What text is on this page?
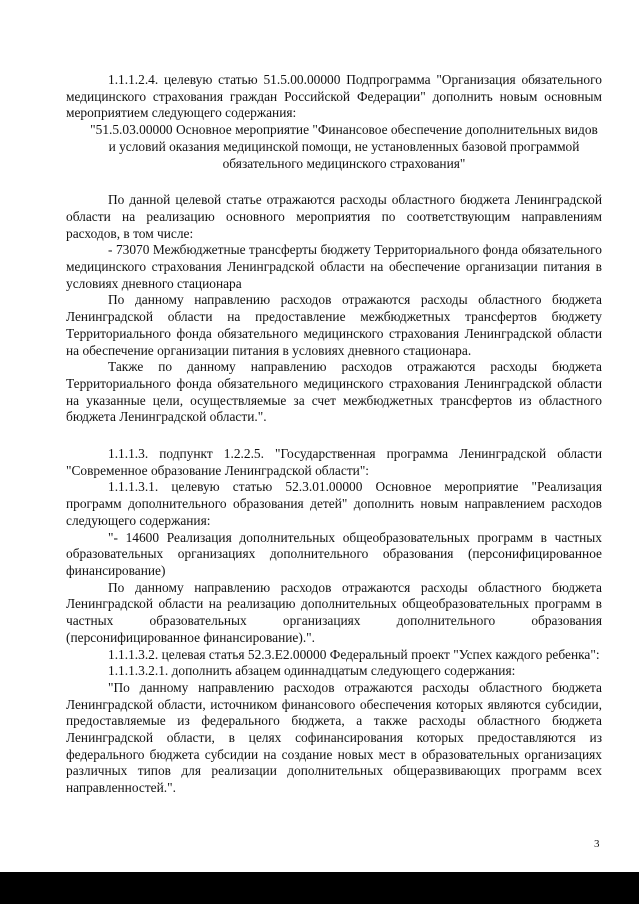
1.1.1.2.4. целевую статью 51.5.00.00000 Подпрограмма "Организация обязательного медицинского страхования граждан Российской Федерации" дополнить новым основным мероприятием следующего содержания:

"51.5.03.00000 Основное мероприятие "Финансовое обеспечение дополнительных видов и условий оказания медицинской помощи, не установленных базовой программой обязательного медицинского страхования"

По данной целевой статье отражаются расходы областного бюджета Ленинградской области на реализацию основного мероприятия по соответствующим направлениям расходов, в том числе:

- 73070 Межбюджетные трансферты бюджету Территориального фонда обязательного медицинского страхования Ленинградской области на обеспечение организации питания в условиях дневного стационара

По данному направлению расходов отражаются расходы областного бюджета Ленинградской области на предоставление межбюджетных трансфертов бюджету Территориального фонда обязательного медицинского страхования Ленинградской области на обеспечение организации питания в условиях дневного стационара.

Также по данному направлению расходов отражаются расходы бюджета Территориального фонда обязательного медицинского страхования Ленинградской области на указанные цели, осуществляемые за счет межбюджетных трансфертов из областного бюджета Ленинградской области.".

1.1.1.3. подпункт 1.2.2.5. "Государственная программа Ленинградской области "Современное образование Ленинградской области":

1.1.1.3.1. целевую статью 52.3.01.00000 Основное мероприятие "Реализация программ дополнительного образования детей" дополнить новым направлением расходов следующего содержания:

"- 14600 Реализация дополнительных общеобразовательных программ в частных образовательных организациях дополнительного образования (персонифицированное финансирование)

По данному направлению расходов отражаются расходы областного бюджета Ленинградской области на реализацию дополнительных общеобразовательных программ в частных образовательных организациях дополнительного образования (персонифицированное финансирование).".

1.1.1.3.2. целевая статья 52.3.Е2.00000 Федеральный проект "Успех каждого ребенка":

1.1.1.3.2.1. дополнить абзацем одиннадцатым следующего содержания:

"По данному направлению расходов отражаются расходы областного бюджета Ленинградской области, источником финансового обеспечения которых являются субсидии, предоставляемые из федерального бюджета, а также расходы областного бюджета Ленинградской области, в целях софинансирования которых предоставляются из федерального бюджета субсидии на создание новых мест в образовательных организациях различных типов для реализации дополнительных общеразвивающих программ всех направленностей.".

3
